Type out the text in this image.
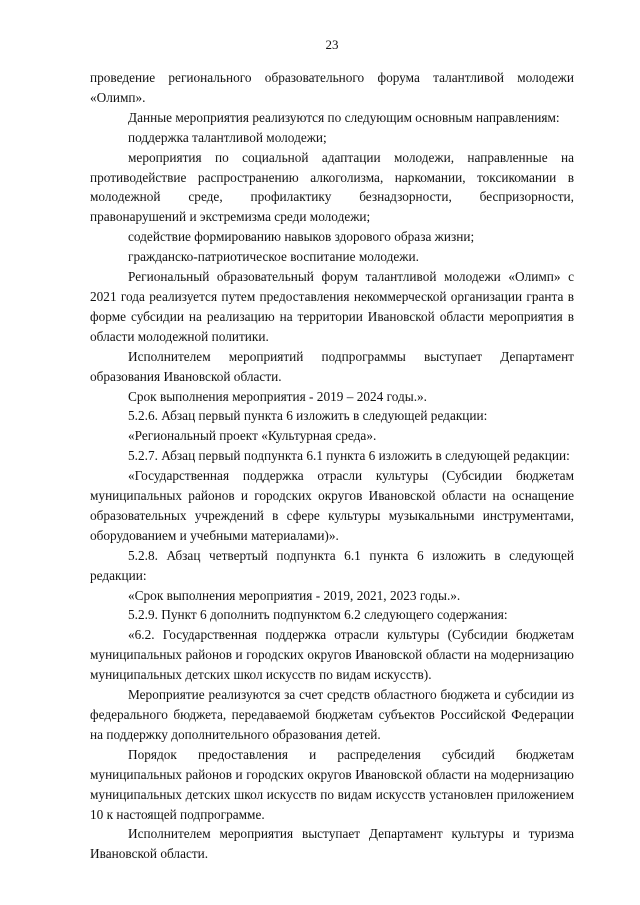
23

проведение регионального образовательного форума талантливой молодежи «Олимп».

Данные мероприятия реализуются по следующим основным направлениям:

поддержка талантливой молодежи;

мероприятия по социальной адаптации молодежи, направленные на противодействие распространению алкоголизма, наркомании, токсикомании в молодежной среде, профилактику безнадзорности, беспризорности, правонарушений и экстремизма среди молодежи;

содействие формированию навыков здорового образа жизни;

гражданско-патриотическое воспитание молодежи.

Региональный образовательный форум талантливой молодежи «Олимп» с 2021 года реализуется путем предоставления некоммерческой организации гранта в форме субсидии на реализацию на территории Ивановской области мероприятия в области молодежной политики.

Исполнителем мероприятий подпрограммы выступает Департамент образования Ивановской области.

Срок выполнения мероприятия - 2019 – 2024 годы.».

5.2.6. Абзац первый пункта 6 изложить в следующей редакции:

«Региональный проект «Культурная среда».

5.2.7. Абзац первый подпункта 6.1 пункта 6 изложить в следующей редакции:

«Государственная поддержка отрасли культуры (Субсидии бюджетам муниципальных районов и городских округов Ивановской области на оснащение образовательных учреждений в сфере культуры музыкальными инструментами, оборудованием и учебными материалами)».

5.2.8. Абзац четвертый подпункта 6.1 пункта 6 изложить в следующей редакции:

«Срок выполнения мероприятия - 2019, 2021, 2023 годы.».

5.2.9. Пункт 6 дополнить подпунктом 6.2 следующего содержания:

«6.2. Государственная поддержка отрасли культуры (Субсидии бюджетам муниципальных районов и городских округов Ивановской области на модернизацию муниципальных детских школ искусств по видам искусств).

Мероприятие реализуются за счет средств областного бюджета и субсидии из федерального бюджета, передаваемой бюджетам субъектов Российской Федерации на поддержку дополнительного образования детей.

Порядок предоставления и распределения субсидий бюджетам муниципальных районов и городских округов Ивановской области на модернизацию муниципальных детских школ искусств по видам искусств установлен приложением 10 к настоящей подпрограмме.

Исполнителем мероприятия выступает Департамент культуры и туризма Ивановской области.
